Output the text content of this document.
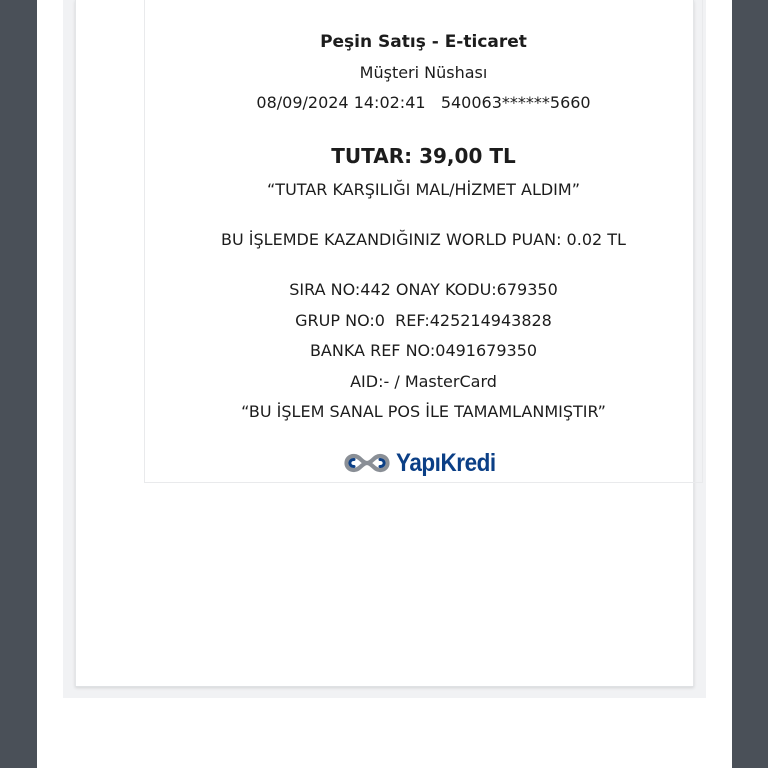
Peşin Satış - E-ticaret
Müşteri Nüshası
08/09/2024 14:02:41   540063******5660
TUTAR: 39,00 TL
“TUTAR KARŞILIĞI MAL/HİZMET ALDIM”
BU İŞLEMDE KAZANDIĞINIZ WORLD PUAN: 0.02 TL
SIRA NO:442 ONAY KODU:679350
GRUP NO:0  REF:425214943828
BANKA REF NO:0491679350
AID:- / MasterCard
“BU İŞLEM SANAL POS İLE TAMAMLANMIŞTIR”
YapıKredi
